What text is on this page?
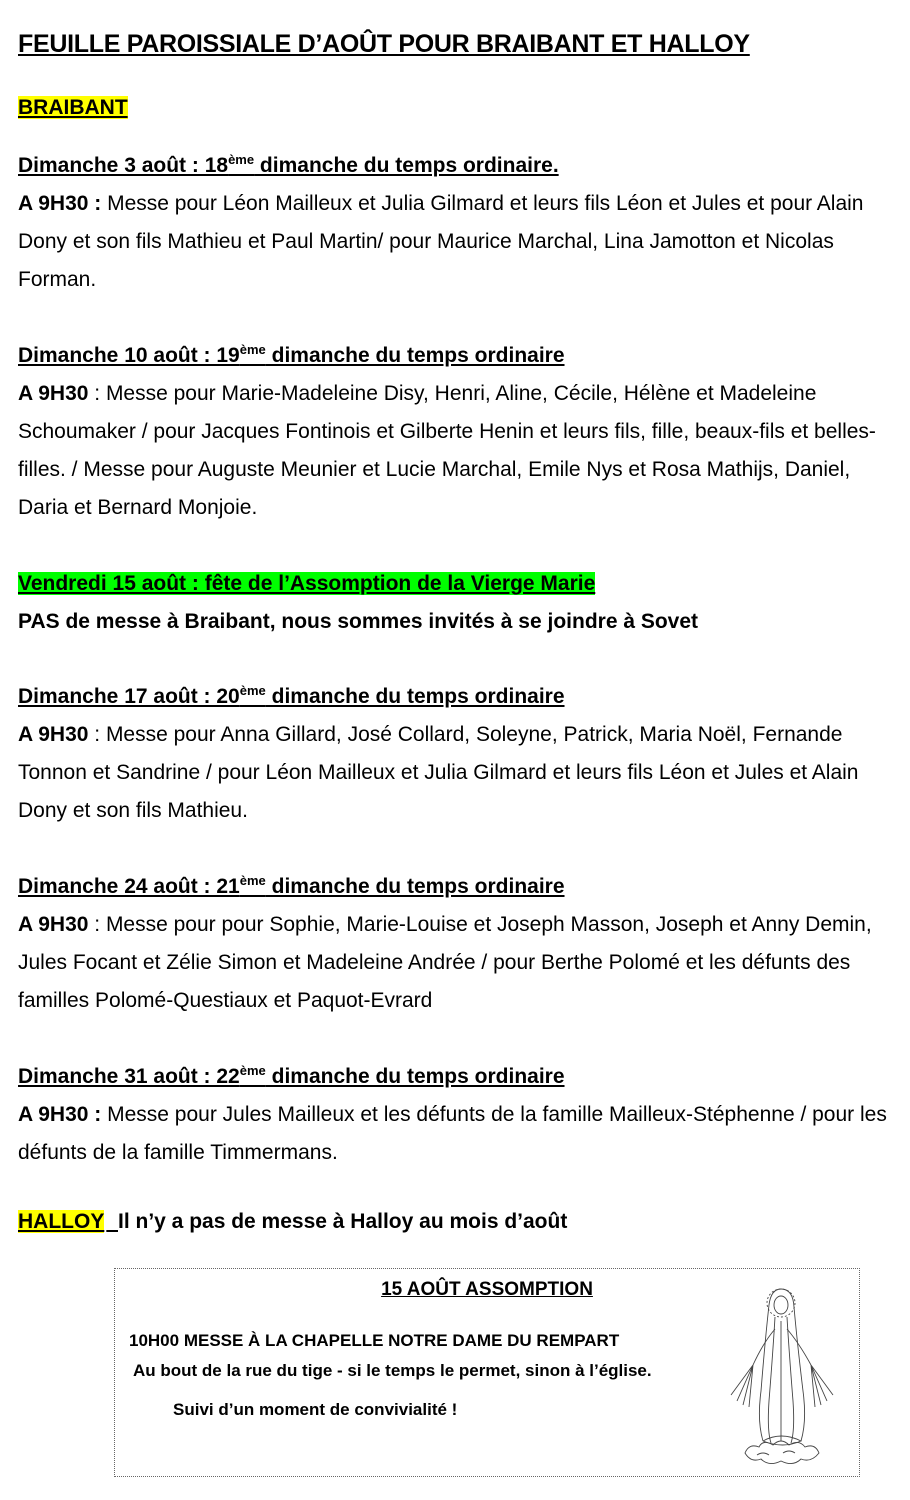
FEUILLE PAROISSIALE D’AOÛT POUR BRAIBANT ET HALLOY
BRAIBANT
Dimanche 3 août : 18ème dimanche du temps ordinaire.

A 9H30 : Messe pour Léon Mailleux et Julia Gilmard et leurs fils Léon et Jules et pour Alain Dony et son fils Mathieu et Paul Martin/ pour Maurice Marchal, Lina Jamotton et Nicolas Forman.

Dimanche 10 août : 19ème dimanche du temps ordinaire

A 9H30 : Messe pour Marie-Madeleine Disy, Henri, Aline, Cécile, Hélène et Madeleine Schoumaker / pour Jacques Fontinois et Gilberte Henin et leurs fils, fille, beaux-fils et belles-filles. / Messe pour Auguste Meunier et Lucie Marchal, Emile Nys et Rosa Mathijs, Daniel, Daria et Bernard Monjoie.

Vendredi 15 août : fête de l’Assomption de la Vierge Marie

PAS de messe à Braibant, nous sommes invités à se joindre à Sovet

Dimanche 17 août : 20ème dimanche du temps ordinaire

A 9H30 : Messe pour Anna Gillard, José Collard, Soleyne, Patrick, Maria Noël, Fernande Tonnon et Sandrine / pour Léon Mailleux et Julia Gilmard et leurs fils Léon et Jules et Alain Dony et son fils Mathieu.

Dimanche 24 août : 21ème dimanche du temps ordinaire

A 9H30 : Messe pour pour Sophie, Marie-Louise et Joseph Masson, Joseph et Anny Demin, Jules Focant et Zélie Simon et Madeleine Andrée / pour Berthe Polomé et les défunts des familles Polomé-Questiaux et Paquot-Evrard

Dimanche 31 août : 22ème dimanche du temps ordinaire

A 9H30 : Messe pour Jules Mailleux et les défunts de la famille Mailleux-Stéphenne / pour les défunts de la famille Timmermans.

HALLOY Il n’y a pas de messe à Halloy au mois d’août
15 AOÛT ASSOMPTION
10H00 MESSE À LA CHAPELLE NOTRE DAME DU REMPART
Au bout de la rue du tige - si le temps le permet, sinon à l’église.
Suivi d’un moment de convivialité !
